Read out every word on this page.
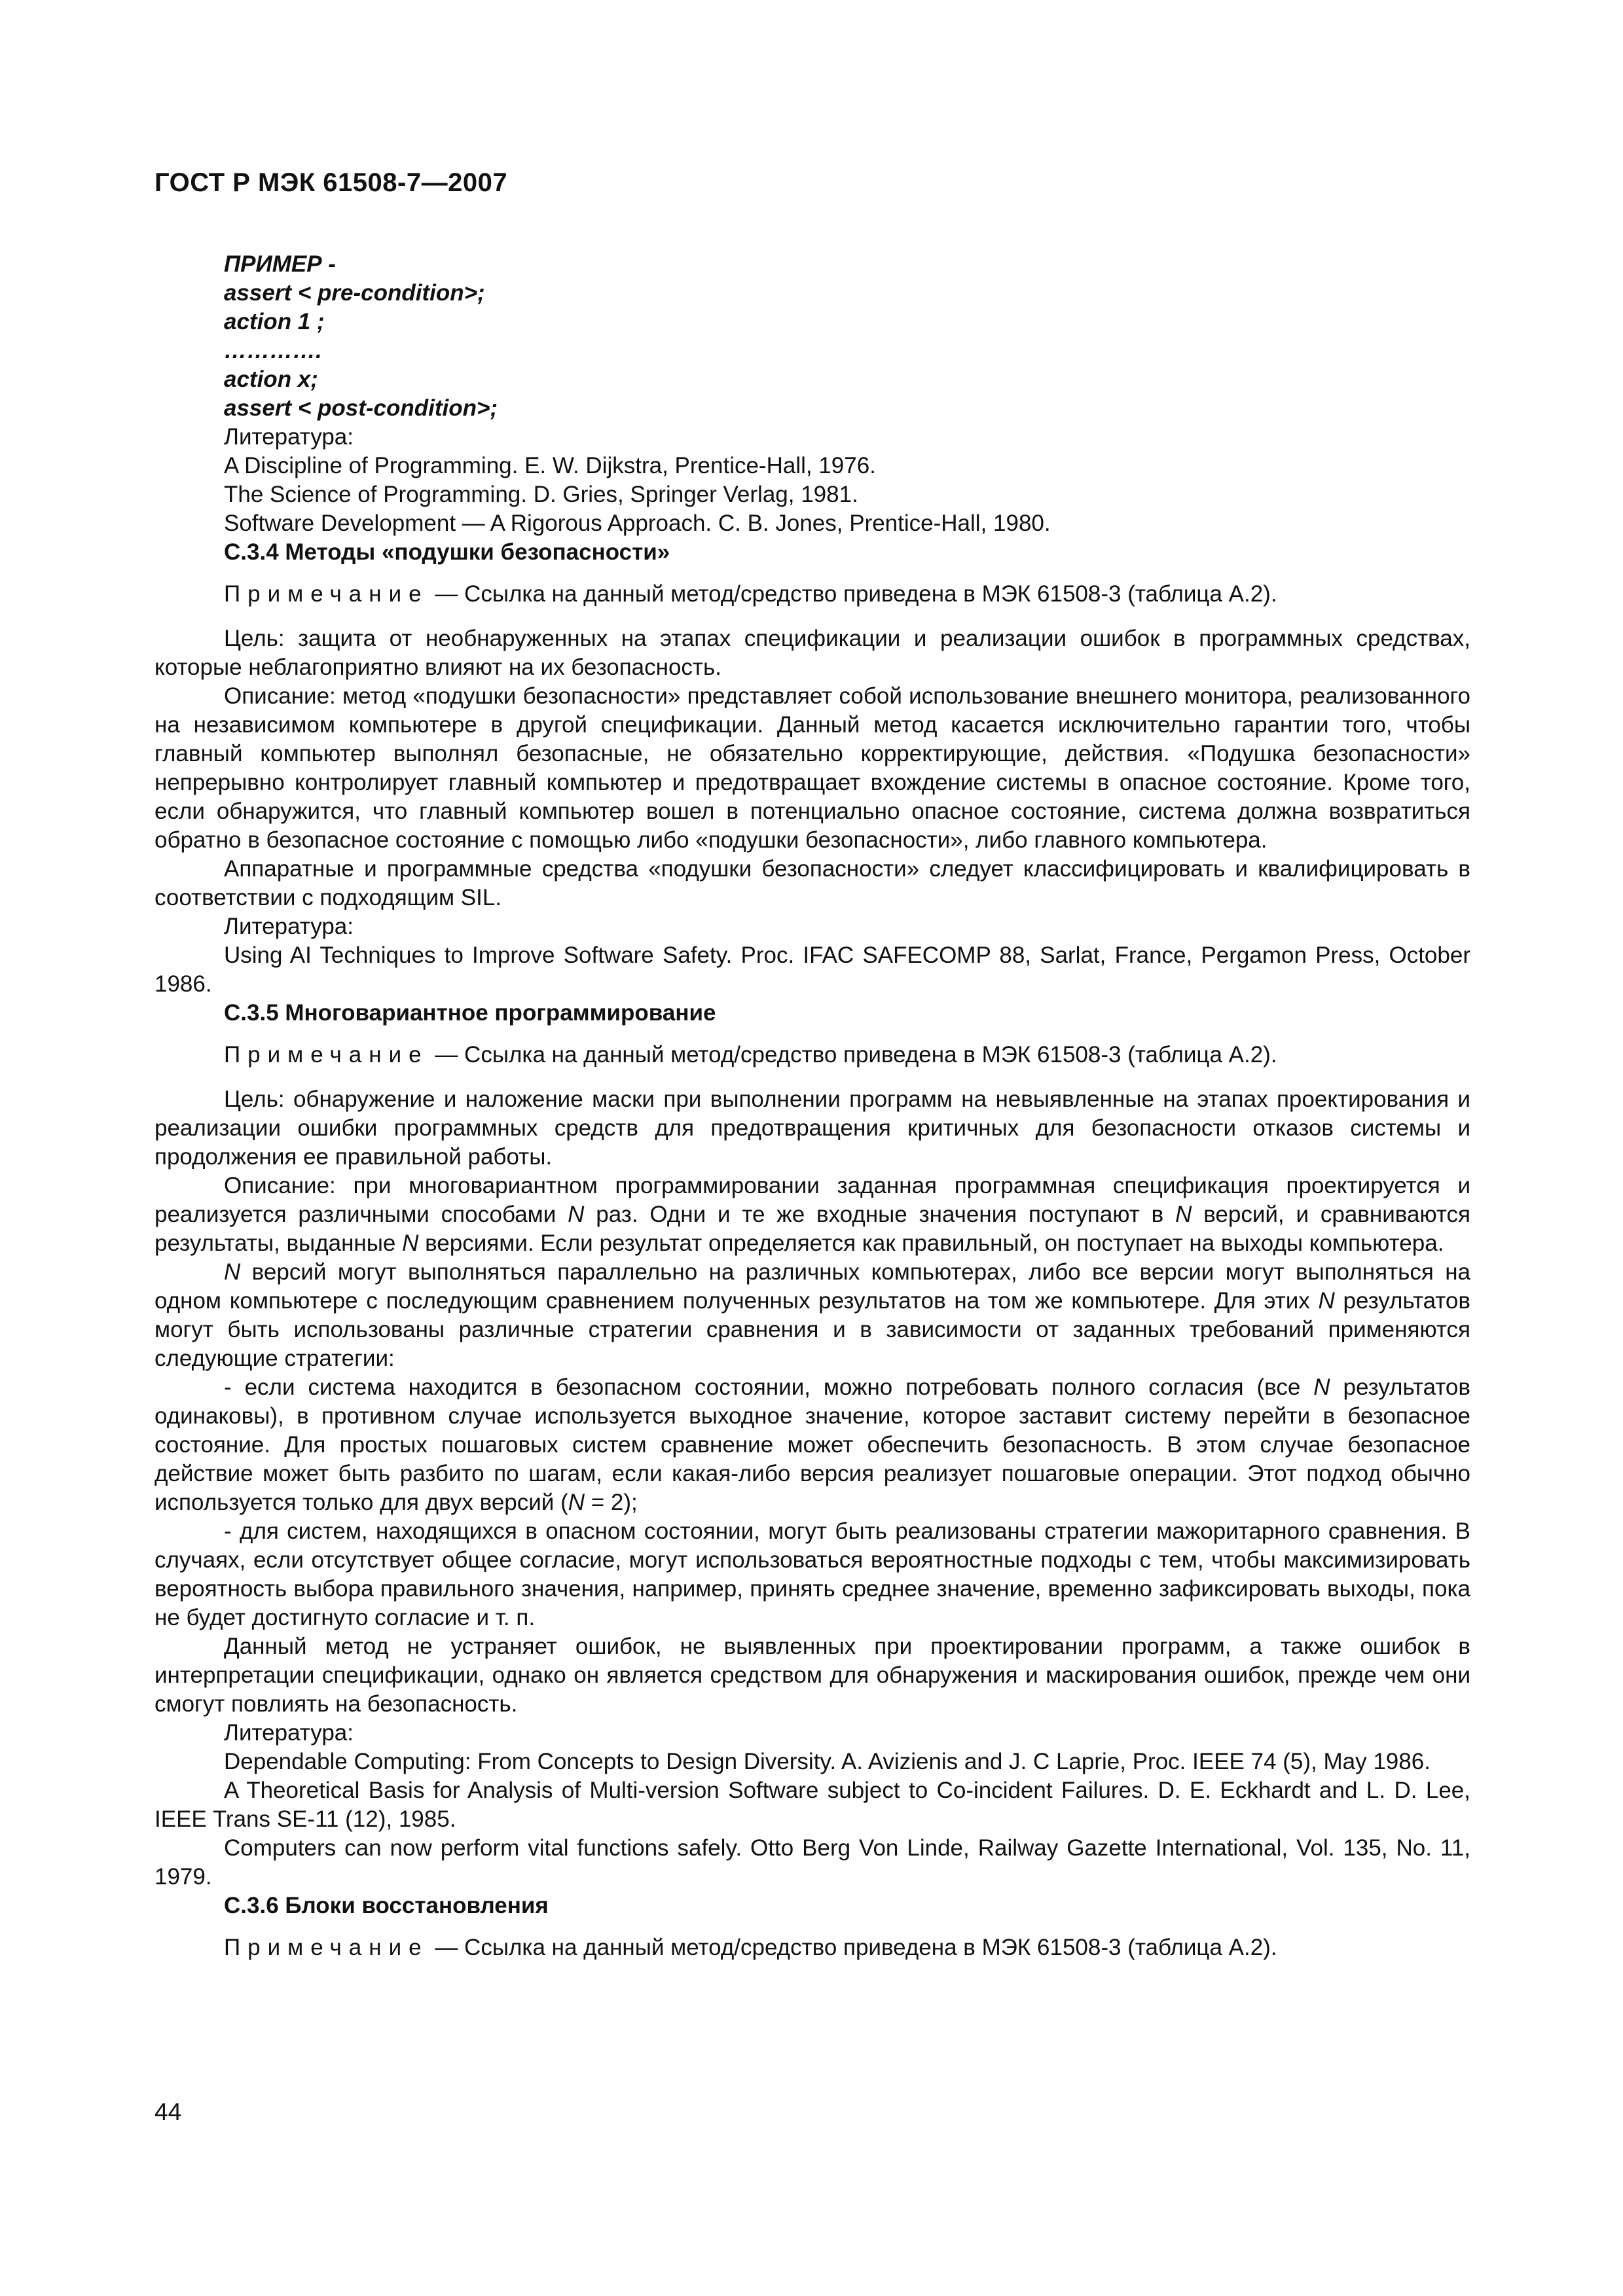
ГОСТ Р МЭК 61508-7—2007
ПРИМЕР -
assert < pre-condition>;
action 1 ;
………….
action x;
assert < post-condition>;
Литература:
A Discipline of Programming. E. W. Dijkstra, Prentice-Hall, 1976.
The Science of Programming. D. Gries, Springer Verlag, 1981.
Software Development — A Rigorous Approach. С. B. Jones, Prentice-Hall, 1980.
С.3.4 Методы «подушки безопасности»
Примечание — Ссылка на данный метод/средство приведена в МЭК 61508-3 (таблица А.2).

Цель: защита от необнаруженных на этапах спецификации и реализации ошибок в программных средствах, которые неблагоприятно влияют на их безопасность.

Описание: метод «подушки безопасности» представляет собой использование внешнего монитора, реализованного на независимом компьютере в другой спецификации. Данный метод касается исключительно гарантии того, чтобы главный компьютер выполнял безопасные, не обязательно корректирующие, действия. «Подушка безопасности» непрерывно контролирует главный компьютер и предотвращает вхождение системы в опасное состояние. Кроме того, если обнаружится, что главный компьютер вошел в потенциально опасное состояние, система должна возвратиться обратно в безопасное состояние с помощью либо «подушки безопасности», либо главного компьютера.

Аппаратные и программные средства «подушки безопасности» следует классифицировать и квалифицировать в соответствии с подходящим SIL.

Литература:

Using AI Techniques to Improve Software Safety. Proc. IFAC SAFECOMP 88, Sarlat, France, Pergamon Press, October 1986.

С.3.5 Многовариантное программирование
Примечание — Ссылка на данный метод/средство приведена в МЭК 61508-3 (таблица А.2).

Цель: обнаружение и наложение маски при выполнении программ на невыявленные на этапах проектирования и реализации ошибки программных средств для предотвращения критичных для безопасности отказов системы и продолжения ее правильной работы.

Описание: при многовариантном программировании заданная программная спецификация проектируется и реализуется различными способами N раз. Одни и те же входные значения поступают в N версий, и сравниваются результаты, выданные N версиями. Если результат определяется как правильный, он поступает на выходы компьютера.

N версий могут выполняться параллельно на различных компьютерах, либо все версии могут выполняться на одном компьютере с последующим сравнением полученных результатов на том же компьютере. Для этих N результатов могут быть использованы различные стратегии сравнения и в зависимости от заданных требований применяются следующие стратегии:

- если система находится в безопасном состоянии, можно потребовать полного согласия (все N результатов одинаковы), в противном случае используется выходное значение, которое заставит систему перейти в безопасное состояние. Для простых пошаговых систем сравнение может обеспечить безопасность. В этом случае безопасное действие может быть разбито по шагам, если какая-либо версия реализует пошаговые операции. Этот подход обычно используется только для двух версий (N = 2);

- для систем, находящихся в опасном состоянии, могут быть реализованы стратегии мажоритарного сравнения. В случаях, если отсутствует общее согласие, могут использоваться вероятностные подходы с тем, чтобы максимизировать вероятность выбора правильного значения, например, принять среднее значение, временно зафиксировать выходы, пока не будет достигнуто согласие и т. п.

Данный метод не устраняет ошибок, не выявленных при проектировании программ, а также ошибок в интерпретации спецификации, однако он является средством для обнаружения и маскирования ошибок, прежде чем они смогут повлиять на безопасность.

Литература:

Dependable Computing: From Concepts to Design Diversity. A. Avizienis and J. C Laprie, Proc. IEEE 74 (5), May 1986.

A Theoretical Basis for Analysis of Multi-version Software subject to Co-incident Failures. D. E. Eckhardt and L. D. Lee, IEEE Trans SE-11 (12), 1985.

Computers can now perform vital functions safely. Otto Berg Von Linde, Railway Gazette International, Vol. 135, No. 11, 1979.

С.3.6 Блоки восстановления
Примечание — Ссылка на данный метод/средство приведена в МЭК 61508-3 (таблица А.2).
44
